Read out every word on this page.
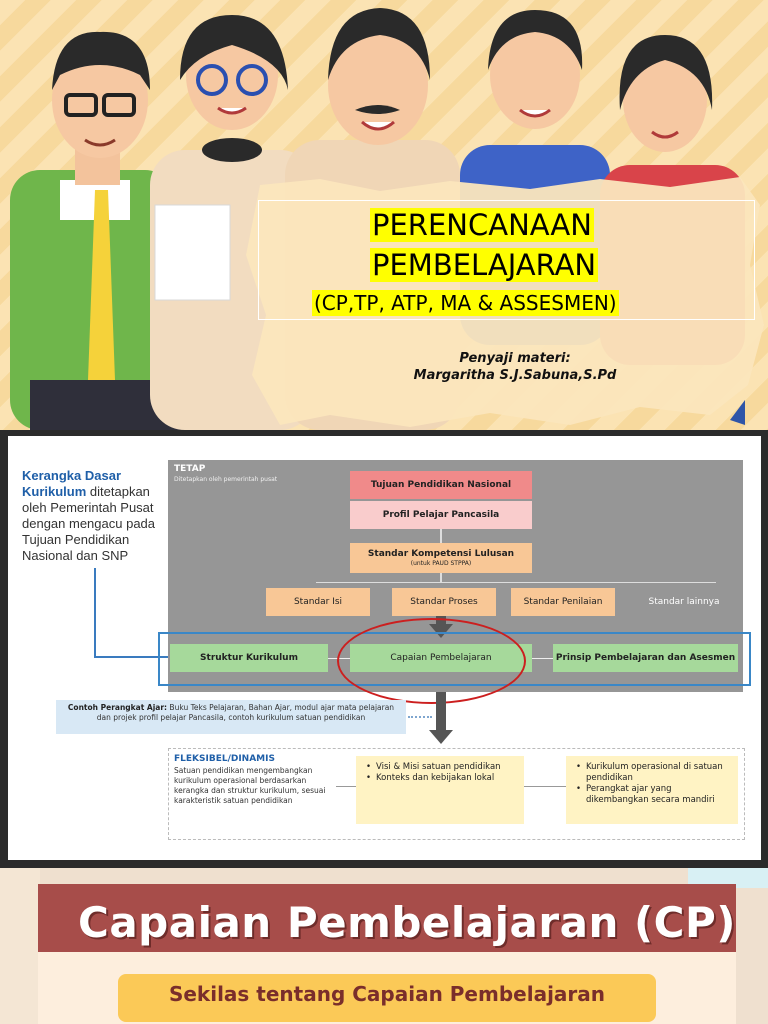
PERENCANAAN
PEMBELAJARAN
(CP,TP, ATP, MA & ASSESMEN)
Penyaji materi:
Margaritha S.J.Sabuna,S.Pd
Kerangka Dasar Kurikulum ditetapkan oleh Pemerintah Pusat dengan mengacu pada Tujuan Pendidikan Nasional dan SNP
TETAP
Ditetapkan oleh pemerintah pusat	Tujuan Pendidikan Nasional
Profil Pelajar Pancasila
Standar Kompetensi Lulusan
(untuk PAUD STPPA)
Standar Isi	Standar Proses	Standar Penilaian	Standar lainnya
Struktur Kurikulum	Capaian Pembelajaran	Prinsip Pembelajaran dan Asesmen
Contoh Perangkat Ajar: Buku Teks Pelajaran, Bahan Ajar, modul ajar mata pelajaran dan projek profil pelajar Pancasila, contoh kurikulum satuan pendidikan
FLEKSIBEL/DINAMIS
Satuan pendidikan mengembangkan kurikulum operasional berdasarkan kerangka dan struktur kurikulum, sesuai karakteristik satuan pendidikan
• Visi & Misi satuan pendidikan
• Konteks dan kebijakan lokal
• Kurikulum operasional di satuan pendidikan
• Perangkat ajar yang dikembangkan secara mandiri
Capaian Pembelajaran (CP)
Sekilas tentang Capaian Pembelajaran
